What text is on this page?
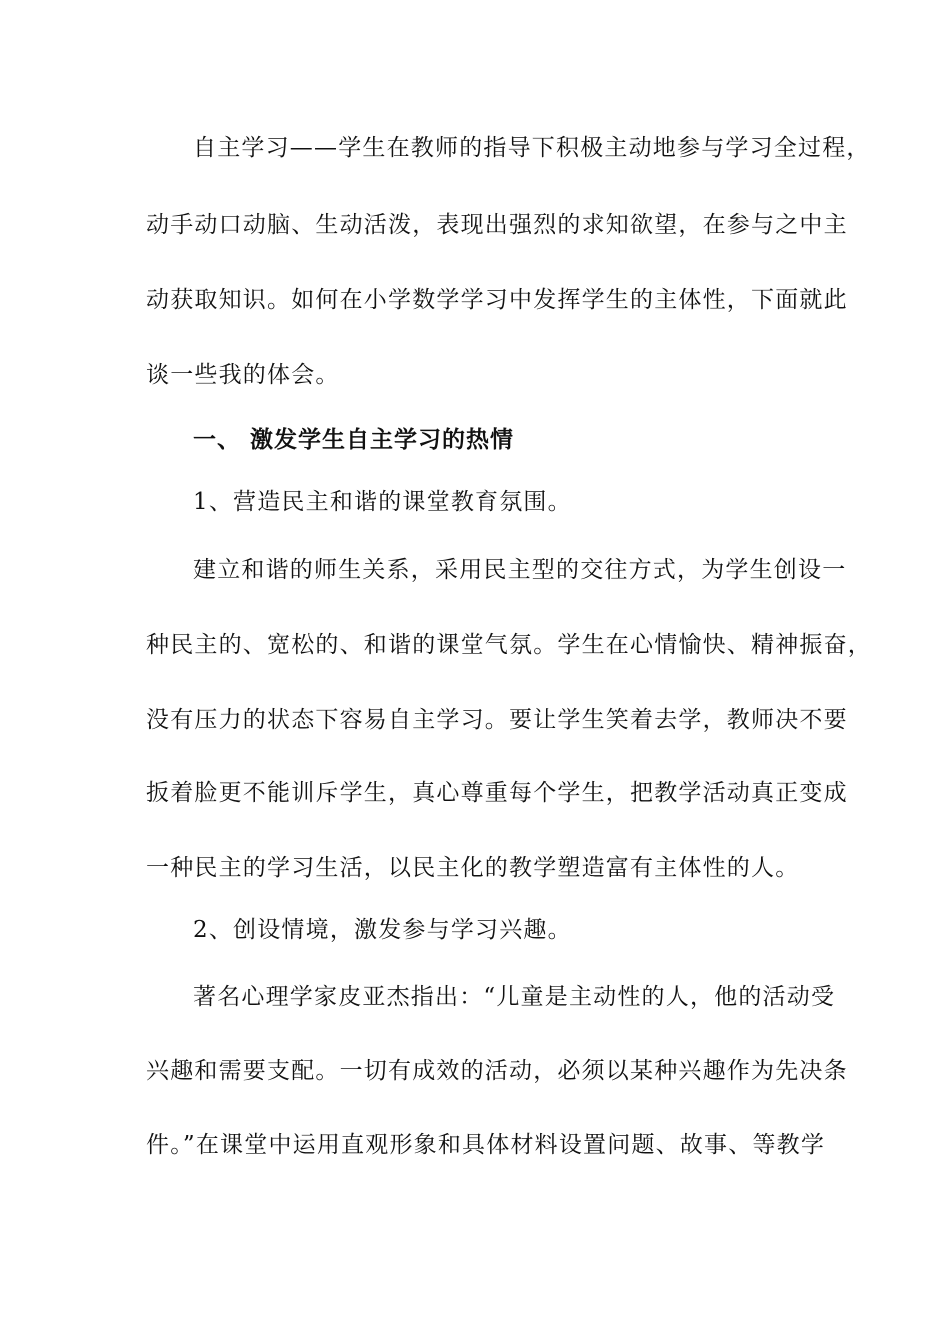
自主学习——学生在教师的指导下积极主动地参与学习全过程，
动手动口动脑、生动活泼，表现出强烈的求知欲望，在参与之中主
动获取知识。如何在小学数学学习中发挥学生的主体性，下面就此
谈一些我的体会。
一、 激发学生自主学习的热情
1、营造民主和谐的课堂教育氛围。
建立和谐的师生关系，采用民主型的交往方式，为学生创设一
种民主的、宽松的、和谐的课堂气氛。学生在心情愉快、精神振奋，
没有压力的状态下容易自主学习。要让学生笑着去学，教师决不要
扳着脸更不能训斥学生，真心尊重每个学生，把教学活动真正变成
一种民主的学习生活，以民主化的教学塑造富有主体性的人。
2、创设情境，激发参与学习兴趣。
著名心理学家皮亚杰指出：“儿童是主动性的人，他的活动受
兴趣和需要支配。一切有成效的活动，必须以某种兴趣作为先决条
件。”在课堂中运用直观形象和具体材料设置问题、故事、等教学
